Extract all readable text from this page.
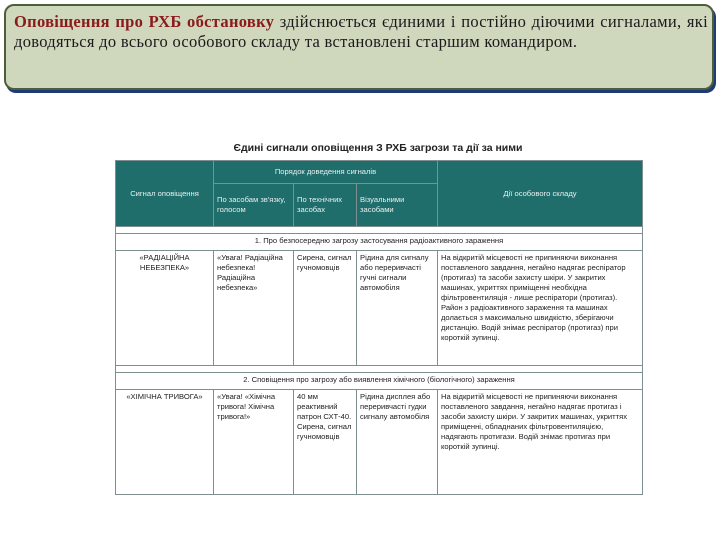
Оповіщення про РХБ обстановку здійснюється єдиними і постійно діючими сигналами, які доводяться до всього особового складу та встановлені старшим командиром.

Єдині сигнали оповіщення З РХБ загрози та дії за ними
Сигнал оповіщення	Порядок доведення сигналів			Дії особового складу
	По засобам зв'язку, голосом	По технічних засобах	Візуальними засобами	

1. Про безпосередню загрозу застосування радіоактивного зараження				
«РАДІАЦІЙНА НЕБЕЗПЕКА»	«Увага! Радіаційна небезпека! Радіаційна небезпека»	Сирена, сигнал гучномовців	Рідина для сигналу або переривчасті гучні сигнали автомобіля	На відкритій місцевості не припиняючи виконання поставленого завдання, негайно надягає респіратор (протигаз) та засоби захисту шкіри. У закритих машинах, укриттях приміщенні необхідна фільтровентиляція - лише респіратори (протигаз). Район з радіоактивного зараження та машинах долається з максимально швидкістю, зберігаючи дистанцію. Водій знімає респіратор (протигаз) при короткій зупинці.

2. Сповіщення про загрозу або виявлення хімічного (біологічного) зараження				
«ХІМІЧНА ТРИВОГА»	«Увага! «Хімічна тривога! Хімічна тривога!»	40 мм реактивний патрон СХТ-40. Сирена, сигнал гучномовців	Рідина дисплея або переривчасті гудки сигналу автомобіля	На відкритій місцевості не припиняючи виконання поставленого завдання, негайно надягає протигаз і засоби захисту шкіри. У закритих машинах, укриттях приміщенні, обладнаних фільтровентиляцією, надягають протигази. Водій знімає протигаз при короткій зупинці.
